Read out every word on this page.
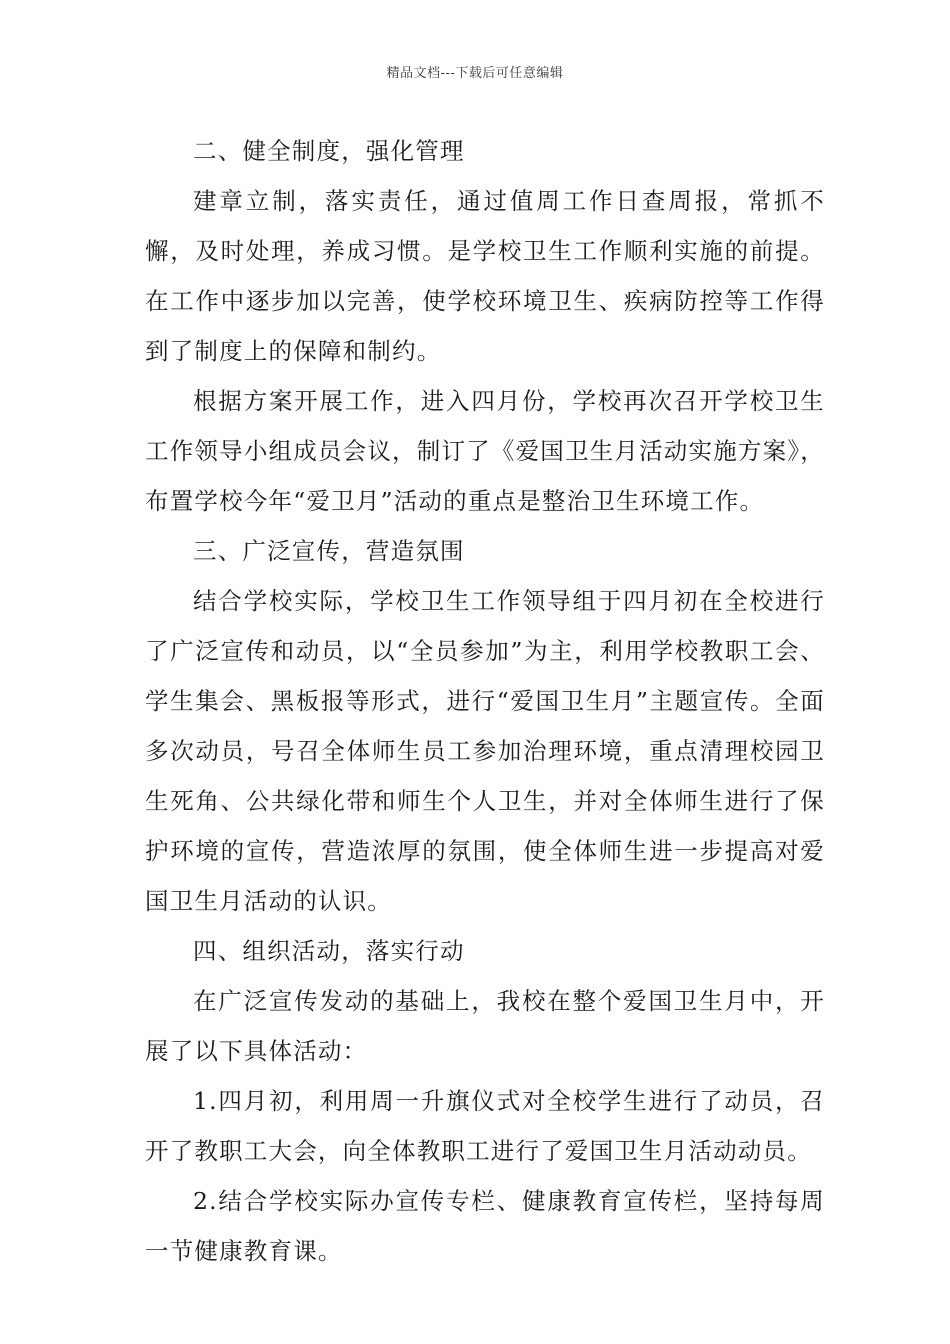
精品文档---下载后可任意编辑

二、健全制度，强化管理

建章立制，落实责任，通过值周工作日查周报，常抓不懈，及时处理，养成习惯。是学校卫生工作顺利实施的前提。在工作中逐步加以完善，使学校环境卫生、疾病防控等工作得到了制度上的保障和制约。

根据方案开展工作，进入四月份，学校再次召开学校卫生工作领导小组成员会议，制订了《爱国卫生月活动实施方案》，布置学校今年“爱卫月”活动的重点是整治卫生环境工作。

三、广泛宣传，营造氛围

结合学校实际，学校卫生工作领导组于四月初在全校进行了广泛宣传和动员，以“全员参加”为主，利用学校教职工会、学生集会、黑板报等形式，进行“爱国卫生月”主题宣传。全面多次动员，号召全体师生员工参加治理环境，重点清理校园卫生死角、公共绿化带和师生个人卫生，并对全体师生进行了保护环境的宣传，营造浓厚的氛围，使全体师生进一步提高对爱国卫生月活动的认识。

四、组织活动，落实行动

在广泛宣传发动的基础上，我校在整个爱国卫生月中，开展了以下具体活动：

1.四月初，利用周一升旗仪式对全校学生进行了动员，召开了教职工大会，向全体教职工进行了爱国卫生月活动动员。

2.结合学校实际办宣传专栏、健康教育宣传栏，坚持每周一节健康教育课。
